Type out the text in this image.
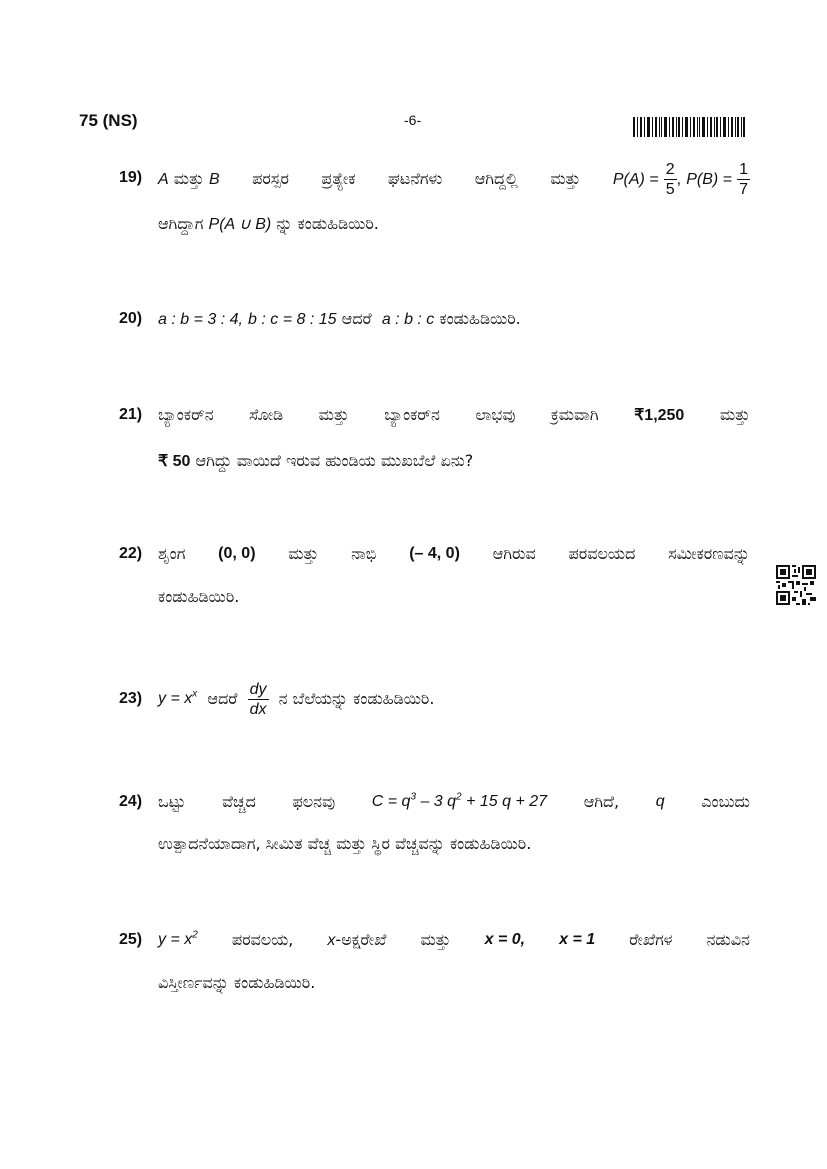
75 (NS)	-6-
19) A ಮತ್ತು B ಪರಸ್ಪರ ಪ್ರತ್ಯೇಕ ಘಟನೆಗಳು ಆಗಿದ್ದಲ್ಲಿ ಮತ್ತು $P(A) = \frac{2}{5}$ , $P(B) = \frac{1}{7}$
ಆಗಿದ್ದಾಗ P(A ∪ B) ನ್ನು ಕಂಡುಹಿಡಿಯಿರಿ.
20) a : b = 3 : 4, b : c = 8 : 15 ಆದರೆ a : b : c ಕಂಡುಹಿಡಿಯಿರಿ.
21) ಬ್ಯಾಂಕರ್‌ನ ಸೋಡಿ ಮತ್ತು ಬ್ಯಾಂಕರ್‌ನ ಲಾಭವು ಕ್ರಮವಾಗಿ ₹1,250 ಮತ್ತು
₹ 50 ಆಗಿದ್ದು ವಾಯಿದೆ ಇರುವ ಹುಂಡಿಯ ಮುಖಬೆಲೆ ಏನು?
22) ಶೃಂಗ (0, 0) ಮತ್ತು ನಾಭಿ (– 4, 0) ಆಗಿರುವ ಪರವಲಯದ ಸಮೀಕರಣವನ್ನು
ಕಂಡುಹಿಡಿಯಿರಿ.
23) $y = x^x$
ಆದರೆ
$\frac{dy}{dx}$
ನ ಬೆಲೆಯನ್ನು ಕಂಡುಹಿಡಿಯಿರಿ.
24) ಒಟ್ಟು ವೆಚ್ಚದ ಫಲನವು $C = q^3 - 3$ $q^2 + 15$ q + 27 ಆಗಿದೆ, q ಎಂಬುದು
ಉತ್ಪಾದನೆಯಾದಾಗ, ಸೀಮಿತ ವೆಚ್ಚ ಮತ್ತು ಸ್ಥಿರ ವೆಚ್ಚವನ್ನು ಕಂಡುಹಿಡಿಯಿರಿ.
25) $y = x^2$ ಪರವಲಯ, x-ಅಕ್ಷರೇಖೆ ಮತ್ತು x = 0, x = 1 ರೇಖೆಗಳ ನಡುವಿನ
ವಿಸ್ತೀರ್ಣವನ್ನು ಕಂಡುಹಿಡಿಯಿರಿ.
